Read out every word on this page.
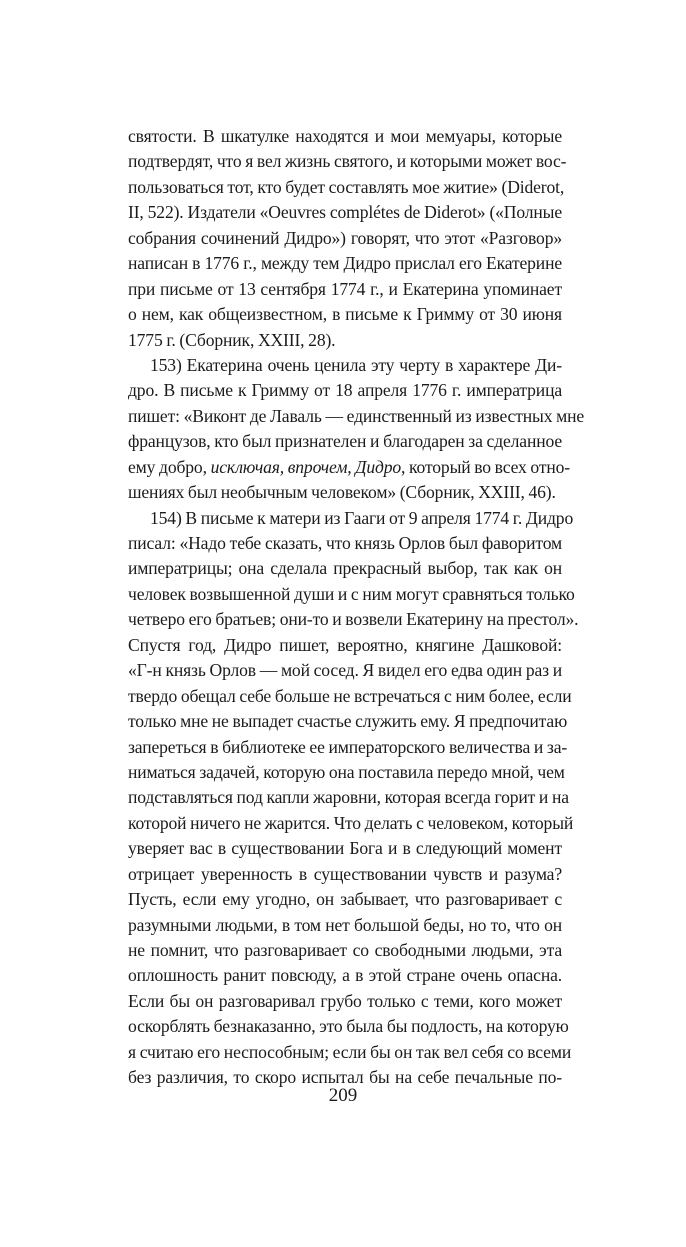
святости. В шкатулке находятся и мои мемуары, которые
подтвердят, что я вел жизнь святого, и которыми может вос-
пользоваться тот, кто будет составлять мое житие» (Diderot,
II, 522). Издатели «Oeuvres complétes de Diderot» («Полные
собрания сочинений Дидро») говорят, что этот «Разговор»
написан в 1776 г., между тем Дидро прислал его Екатерине
при письме от 13 сентября 1774 г., и Екатерина упоминает
о нем, как общеизвестном, в письме к Гримму от 30 июня
1775 г. (Сборник, XXIII, 28).
153) Екатерина очень ценила эту черту в характере Ди-
дро. В письме к Гримму от 18 апреля 1776 г. императрица
пишет: «Виконт де Лаваль — единственный из известных мне
французов, кто был признателен и благодарен за сделанное
ему добро, исключая, впрочем, Дидро, который во всех отно-
шениях был необычным человеком» (Сборник, XXIII, 46).
154) В письме к матери из Гааги от 9 апреля 1774 г. Дидро
писал: «Надо тебе сказать, что князь Орлов был фаворитом
императрицы; она сделала прекрасный выбор, так как он
человек возвышенной души и с ним могут сравняться только
четверо его братьев; они-то и возвели Екатерину на престол».
Спустя год, Дидро пишет, вероятно, княгине Дашковой:
«Г-н князь Орлов — мой сосед. Я видел его едва один раз и
твердо обещал себе больше не встречаться с ним более, если
только мне не выпадет счастье служить ему. Я предпочитаю
запереться в библиотеке ее императорского величества и за-
ниматься задачей, которую она поставила передо мной, чем
подставляться под капли жаровни, которая всегда горит и на
которой ничего не жарится. Что делать с человеком, который
уверяет вас в существовании Бога и в следующий момент
отрицает уверенность в существовании чувств и разума?
Пусть, если ему угодно, он забывает, что разговаривает с
разумными людьми, в том нет большой беды, но то, что он
не помнит, что разговаривает со свободными людьми, эта
оплошность ранит повсюду, а в этой стране очень опасна.
Если бы он разговаривал грубо только с теми, кого может
оскорблять безнаказанно, это была бы подлость, на которую
я считаю его неспособным; если бы он так вел себя со всеми
без различия, то скоро испытал бы на себе печальные по-
209
